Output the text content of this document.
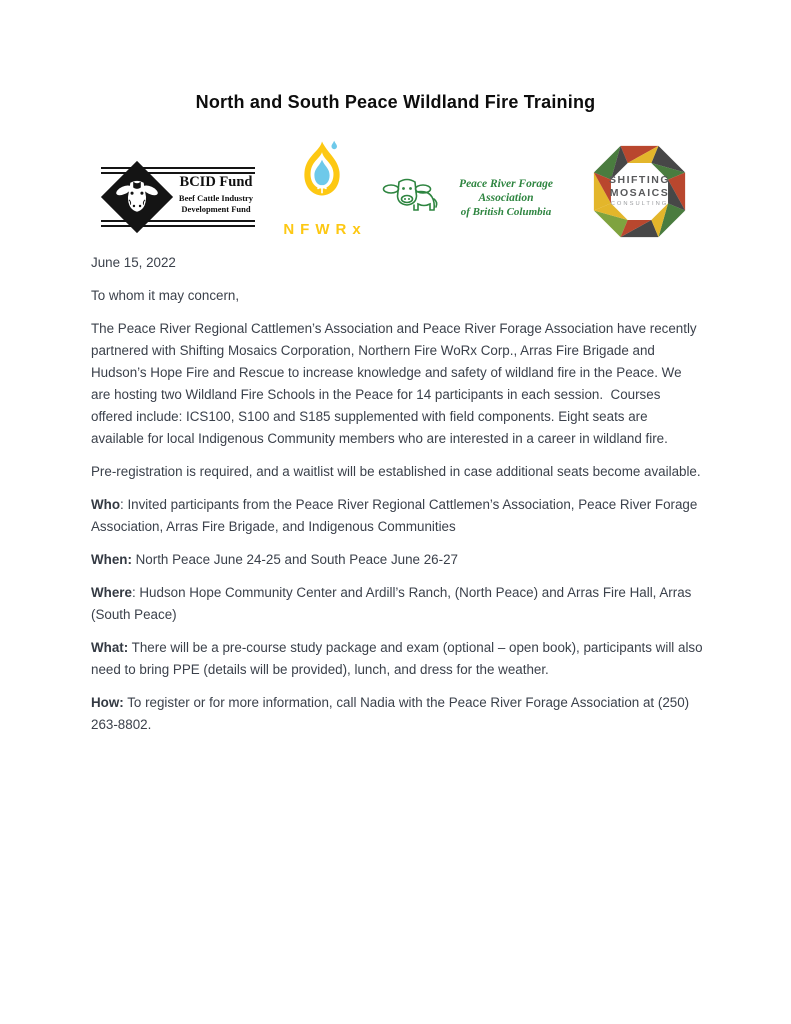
North and South Peace Wildland Fire Training
BCID Fund
Beef Cattle Industry
Development Fund
NFWRx
Peace River Forage Association
of British Columbia
SHIFTING
MOSAICS
CONSULTING

June 15, 2022

To whom it may concern,

The Peace River Regional Cattlemen’s Association and Peace River Forage Association have recently partnered with Shifting Mosaics Corporation, Northern Fire WoRx Corp., Arras Fire Brigade and Hudson’s Hope Fire and Rescue to increase knowledge and safety of wildland fire in the Peace. We are hosting two Wildland Fire Schools in the Peace for 14 participants in each session.  Courses offered include: ICS100, S100 and S185 supplemented with field components. Eight seats are available for local Indigenous Community members who are interested in a career in wildland fire.

Pre-registration is required, and a waitlist will be established in case additional seats become available.

Who: Invited participants from the Peace River Regional Cattlemen’s Association, Peace River Forage Association, Arras Fire Brigade, and Indigenous Communities

When: North Peace June 24-25 and South Peace June 26-27

Where: Hudson Hope Community Center and Ardill’s Ranch, (North Peace) and Arras Fire Hall, Arras (South Peace)

What: There will be a pre-course study package and exam (optional – open book), participants will also need to bring PPE (details will be provided), lunch, and dress for the weather.

How: To register or for more information, call Nadia with the Peace River Forage Association at (250) 263-8802.
